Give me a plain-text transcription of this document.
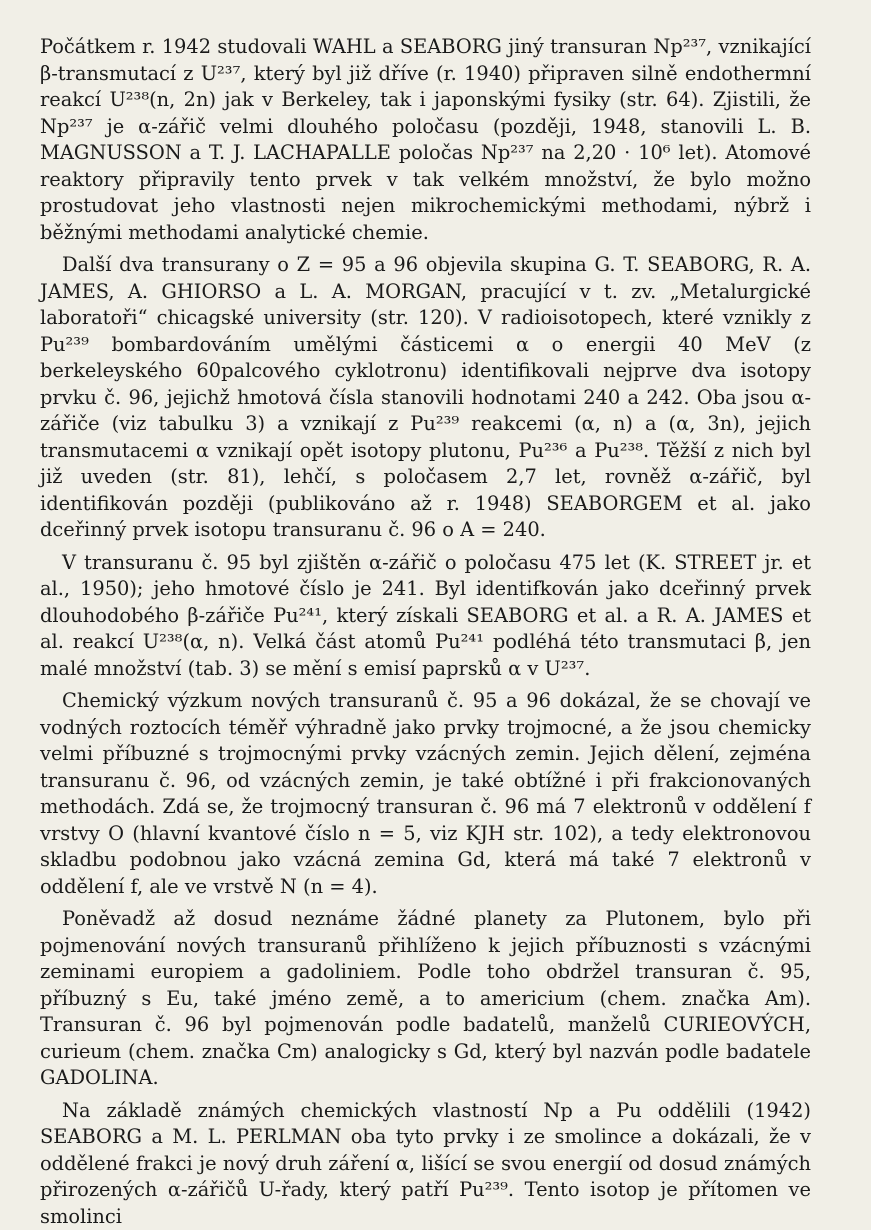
Počátkem r. 1942 studovali WAHL a SEABORG jiný transuran Np²³⁷, vznikající β-transmutací z U²³⁷, který byl již dříve (r. 1940) připraven silně endothermní reakcí U²³⁸(n, 2n) jak v Berkeley, tak i japonskými fysiky (str. 64). Zjistili, že Np²³⁷ je α-zářič velmi dlouhého poločasu (později, 1948, stanovili L. B. MAGNUSSON a T. J. LACHAPALLE poločas Np²³⁷ na 2,20 · 10⁶ let). Atomové reaktory připravily tento prvek v tak velkém množství, že bylo možno prostudovat jeho vlastnosti nejen mikrochemickými methodami, nýbrž i běžnými methodami analytické chemie.

Další dva transurany o Z = 95 a 96 objevila skupina G. T. SEABORG, R. A. JAMES, A. GHIORSO a L. A. MORGAN, pracující v t. zv. „Metalurgické laboratoři“ chicagské university (str. 120). V radioisotopech, které vznikly z Pu²³⁹ bombardováním umělými částicemi α o energii 40 MeV (z berkeleyského 60palcového cyklotronu) identifikovali nejprve dva isotopy prvku č. 96, jejichž hmotová čísla stanovili hodnotami 240 a 242. Oba jsou α-zářiče (viz tabulku 3) a vznikají z Pu²³⁹ reakcemi (α, n) a (α, 3n), jejich transmutacemi α vznikají opět isotopy plutonu, Pu²³⁶ a Pu²³⁸. Těžší z nich byl již uveden (str. 81), lehčí, s poločasem 2,7 let, rovněž α-zářič, byl identifikován později (publikováno až r. 1948) SEABORGEM et al. jako dceřinný prvek isotopu transuranu č. 96 o A = 240.

V transuranu č. 95 byl zjištěn α-zářič o poločasu 475 let (K. STREET jr. et al., 1950); jeho hmotové číslo je 241. Byl identifkován jako dceřinný prvek dlouhodobého β-zářiče Pu²⁴¹, který získali SEABORG et al. a R. A. JAMES et al. reakcí U²³⁸(α, n). Velká část atomů Pu²⁴¹ podléhá této transmutaci β, jen malé množství (tab. 3) se mění s emisí paprsků α v U²³⁷.

Chemický výzkum nových transuranů č. 95 a 96 dokázal, že se chovají ve vodných roztocích téměř výhradně jako prvky trojmocné, a že jsou chemicky velmi příbuzné s trojmocnými prvky vzácných zemin. Jejich dělení, zejména transuranu č. 96, od vzácných zemin, je také obtížné i při frakcionovaných methodách. Zdá se, že trojmocný transuran č. 96 má 7 elektronů v oddělení f vrstvy O (hlavní kvantové číslo n = 5, viz KJH str. 102), a tedy elektronovou skladbu podobnou jako vzácná zemina Gd, která má také 7 elektronů v oddělení f, ale ve vrstvě N (n = 4).

Poněvadž až dosud neznáme žádné planety za Plutonem, bylo při pojmenování nových transuranů přihlíženo k jejich příbuznosti s vzácnými zeminami europiem a gadoliniem. Podle toho obdržel transuran č. 95, příbuzný s Eu, také jméno země, a to americium (chem. značka Am). Transuran č. 96 byl pojmenován podle badatelů, manželů CURIEOVÝCH, curieum (chem. značka Cm) analogicky s Gd, který byl nazván podle badatele GADOLINA.

Na základě známých chemických vlastností Np a Pu oddělili (1942) SEABORG a M. L. PERLMAN oba tyto prvky i ze smolince a dokázali, že v oddělené frakci je nový druh záření α, lišící se svou energií od dosud známých přirozených α-zářičů U-řady, který patří Pu²³⁹. Tento isotop je přítomen ve smolinci
